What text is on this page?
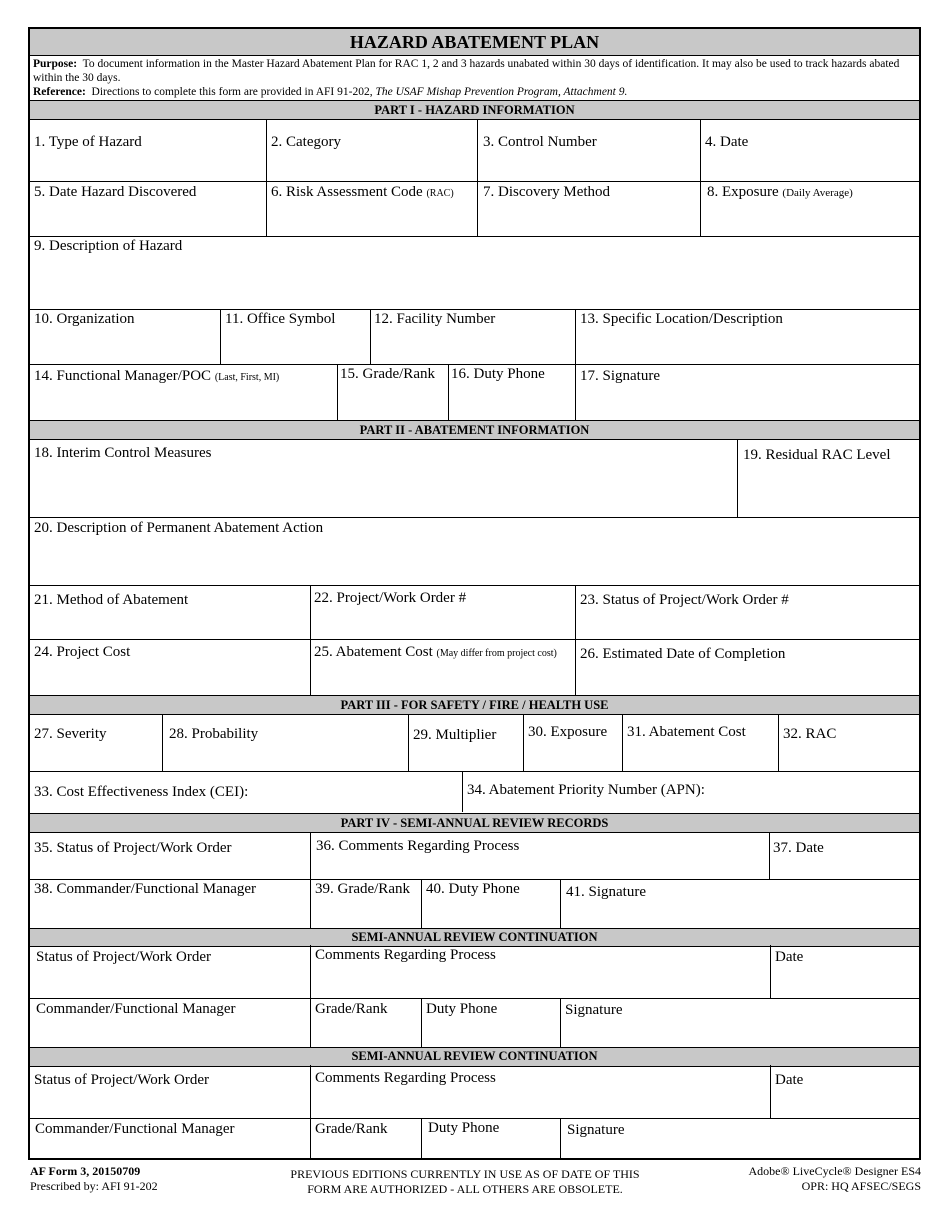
HAZARD ABATEMENT PLAN
Purpose: To document information in the Master Hazard Abatement Plan for RAC 1, 2 and 3 hazards unabated within 30 days of identification. It may also be used to track hazards abated within the 30 days.
Reference: Directions to complete this form are provided in AFI 91-202, The USAF Mishap Prevention Program, Attachment 9.
PART I - HAZARD INFORMATION
1. Type of Hazard	2. Category	3. Control Number	4. Date
5. Date Hazard Discovered	6. Risk Assessment Code (RAC) 7. Discovery Method	8. Exposure (Daily Average)
9. Description of Hazard
10. Organization	11. Office Symbol	12. Facility Number	13. Specific Location/Description
14. Functional Manager/POC (Last, First, MI)	15. Grade/Rank 16. Duty Phone 17. Signature
PART II - ABATEMENT INFORMATION
18. Interim Control Measures	19. Residual RAC Level
20. Description of Permanent Abatement Action
21. Method of Abatement	22. Project/Work Order #	23. Status of Project/Work Order #
24. Project Cost	25. Abatement Cost (May differ from project cost) 26. Estimated Date of Completion
PART III - FOR SAFETY / FIRE / HEALTH USE
27. Severity	28. Probability	29. Multiplier 30. Exposure 31. Abatement Cost 32. RAC
33. Cost Effectiveness Index (CEI):	34. Abatement Priority Number (APN):
PART IV - SEMI-ANNUAL REVIEW RECORDS
35. Status of Project/Work Order	36. Comments Regarding Process	37. Date
38. Commander/Functional Manager	39. Grade/Rank 40. Duty Phone	41. Signature
SEMI-ANNUAL REVIEW CONTINUATION
Status of Project/Work Order	Comments Regarding Process	Date
Commander/Functional Manager	Grade/Rank	Duty Phone	Signature
SEMI-ANNUAL REVIEW CONTINUATION
Status of Project/Work Order	Comments Regarding Process	Date
Commander/Functional Manager	Grade/Rank	Duty Phone	Signature
AF Form 3, 20150709
Prescribed by: AFI 91-202
PREVIOUS EDITIONS CURRENTLY IN USE AS OF DATE OF THIS
FORM ARE AUTHORIZED - ALL OTHERS ARE OBSOLETE.
Adobe® LiveCycle® Designer ES4
OPR: HQ AFSEC/SEGS
